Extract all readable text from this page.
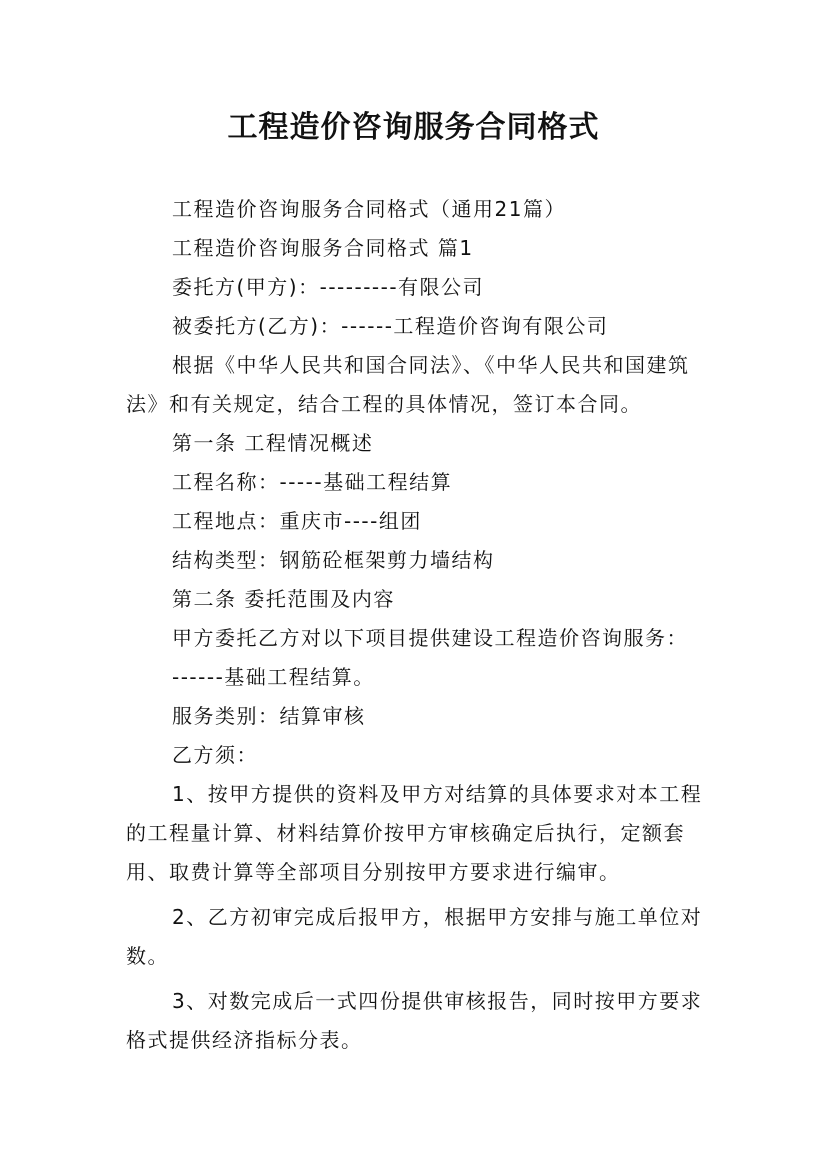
工程造价咨询服务合同格式

工程造价咨询服务合同格式（通用21篇）

工程造价咨询服务合同格式 篇1

委托方(甲方)：---------有限公司

被委托方(乙方)：------工程造价咨询有限公司

根据《中华人民共和国合同法》、《中华人民共和国建筑法》和有关规定，结合工程的具体情况，签订本合同。

第一条 工程情况概述

工程名称：-----基础工程结算

工程地点：重庆市----组团

结构类型：钢筋砼框架剪力墙结构

第二条 委托范围及内容

甲方委托乙方对以下项目提供建设工程造价咨询服务：

------基础工程结算。

服务类别：结算审核

乙方须：

1、按甲方提供的资料及甲方对结算的具体要求对本工程的工程量计算、材料结算价按甲方审核确定后执行，定额套用、取费计算等全部项目分别按甲方要求进行编审。

2、乙方初审完成后报甲方，根据甲方安排与施工单位对数。

3、对数完成后一式四份提供审核报告，同时按甲方要求格式提供经济指标分表。
